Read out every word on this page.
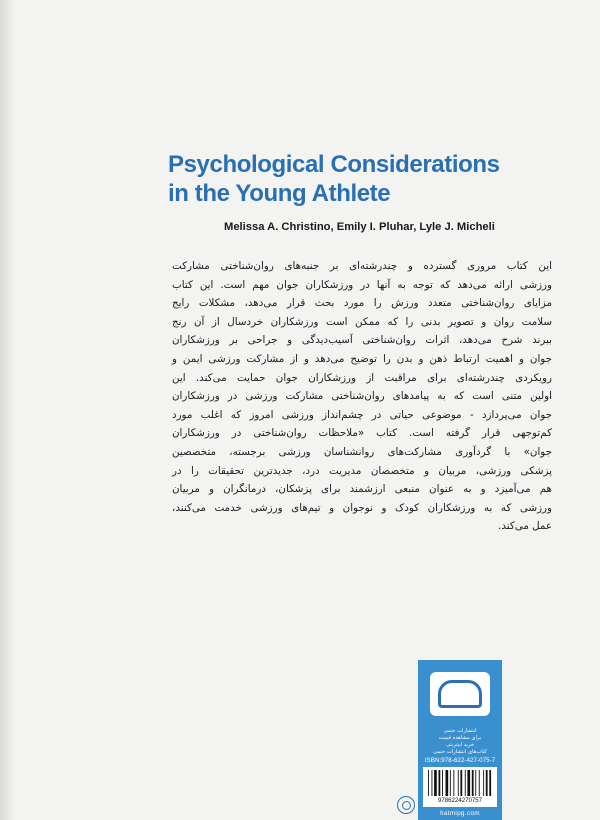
Psychological Considerations
in the Young Athlete
Melissa A. Christino, Emily I. Pluhar, Lyle J. Micheli
این کتاب مروری گسترده و چندرشته‌ای بر جنبه‌های روان‌شناختی مشارکت
ورزشی ارائه می‌دهد که توجه به آنها در ورزشکاران جوان مهم است. این کتاب
مزایای روان‌شناختی متعدد ورزش را مورد بحث قرار می‌دهد، مشکلات رایج
سلامت روان و تصویر بدنی را که ممکن است ورزشکاران خردسال از آن رنج
ببرند شرح می‌دهد، اثرات روان‌شناختی آسیب‌دیدگی و جراحی بر ورزشکاران
جوان و اهمیت ارتباط ذهن و بدن را توضیح می‌دهد و از مشارکت ورزشی ایمن و
رویکردی چندرشته‌ای برای مراقبت از ورزشکاران جوان حمایت می‌کند. این
اولین متنی است که به پیامدهای روان‌شناختی مشارکت ورزشی در ورزشکاران
جوان می‌پردازد - موضوعی حیاتی در چشم‌انداز ورزشی امروز که اغلب مورد
کم‌توجهی قرار گرفته است. کتاب «ملاحظات روان‌شناختی در ورزشکاران
جوان» با گردآوری مشارکت‌های روانشناسان ورزشی برجسته، متخصصین
پزشکی ورزشی، مربیان و متخصصان مدیریت درد، جدیدترین تحقیقات را در
هم می‌آمیزد و به عنوان منبعی ارزشمند برای پزشکان، درمانگران و مربیان
ورزشی که به ورزشکاران کودک و نوجوان و تیم‌های ورزشی خدمت می‌کنند،
عمل می‌کند.
انتشارات حتمی
برای مشاهده قیمت
خرید اینترنتی
کتاب‌های انتشارات حتمی
ISBN:978-622-427-075-7
9786224270757
hatmipg.com
